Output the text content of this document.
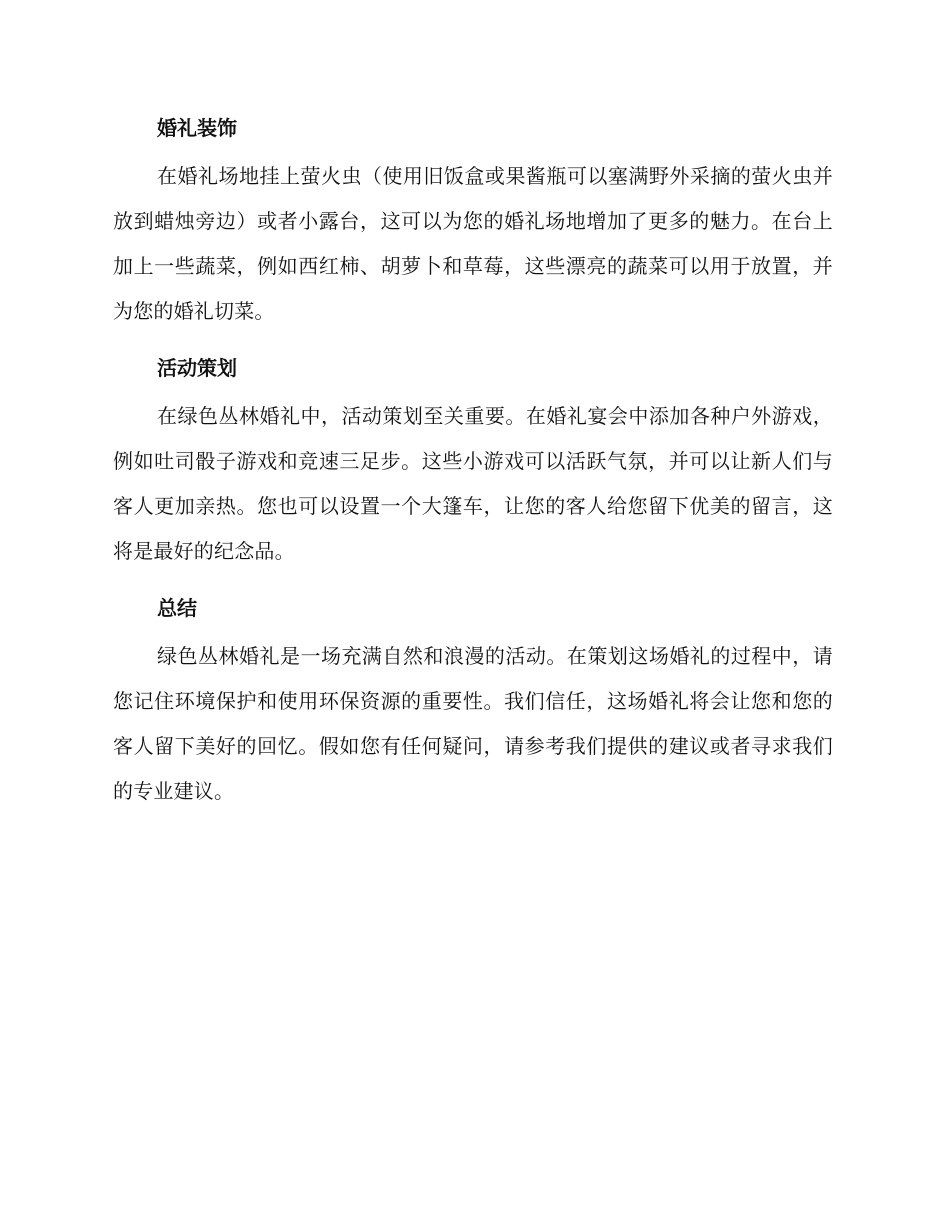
婚礼装饰

在婚礼场地挂上萤火虫（使用旧饭盒或果酱瓶可以塞满野外采摘的萤火虫并放到蜡烛旁边）或者小露台，这可以为您的婚礼场地增加了更多的魅力。在台上加上一些蔬菜，例如西红柿、胡萝卜和草莓，这些漂亮的蔬菜可以用于放置，并为您的婚礼切菜。

活动策划

在绿色丛林婚礼中，活动策划至关重要。在婚礼宴会中添加各种户外游戏，例如吐司骰子游戏和竞速三足步。这些小游戏可以活跃气氛，并可以让新人们与客人更加亲热。您也可以设置一个大篷车，让您的客人给您留下优美的留言，这将是最好的纪念品。

总结

绿色丛林婚礼是一场充满自然和浪漫的活动。在策划这场婚礼的过程中，请您记住环境保护和使用环保资源的重要性。我们信任，这场婚礼将会让您和您的客人留下美好的回忆。假如您有任何疑问，请参考我们提供的建议或者寻求我们的专业建议。
